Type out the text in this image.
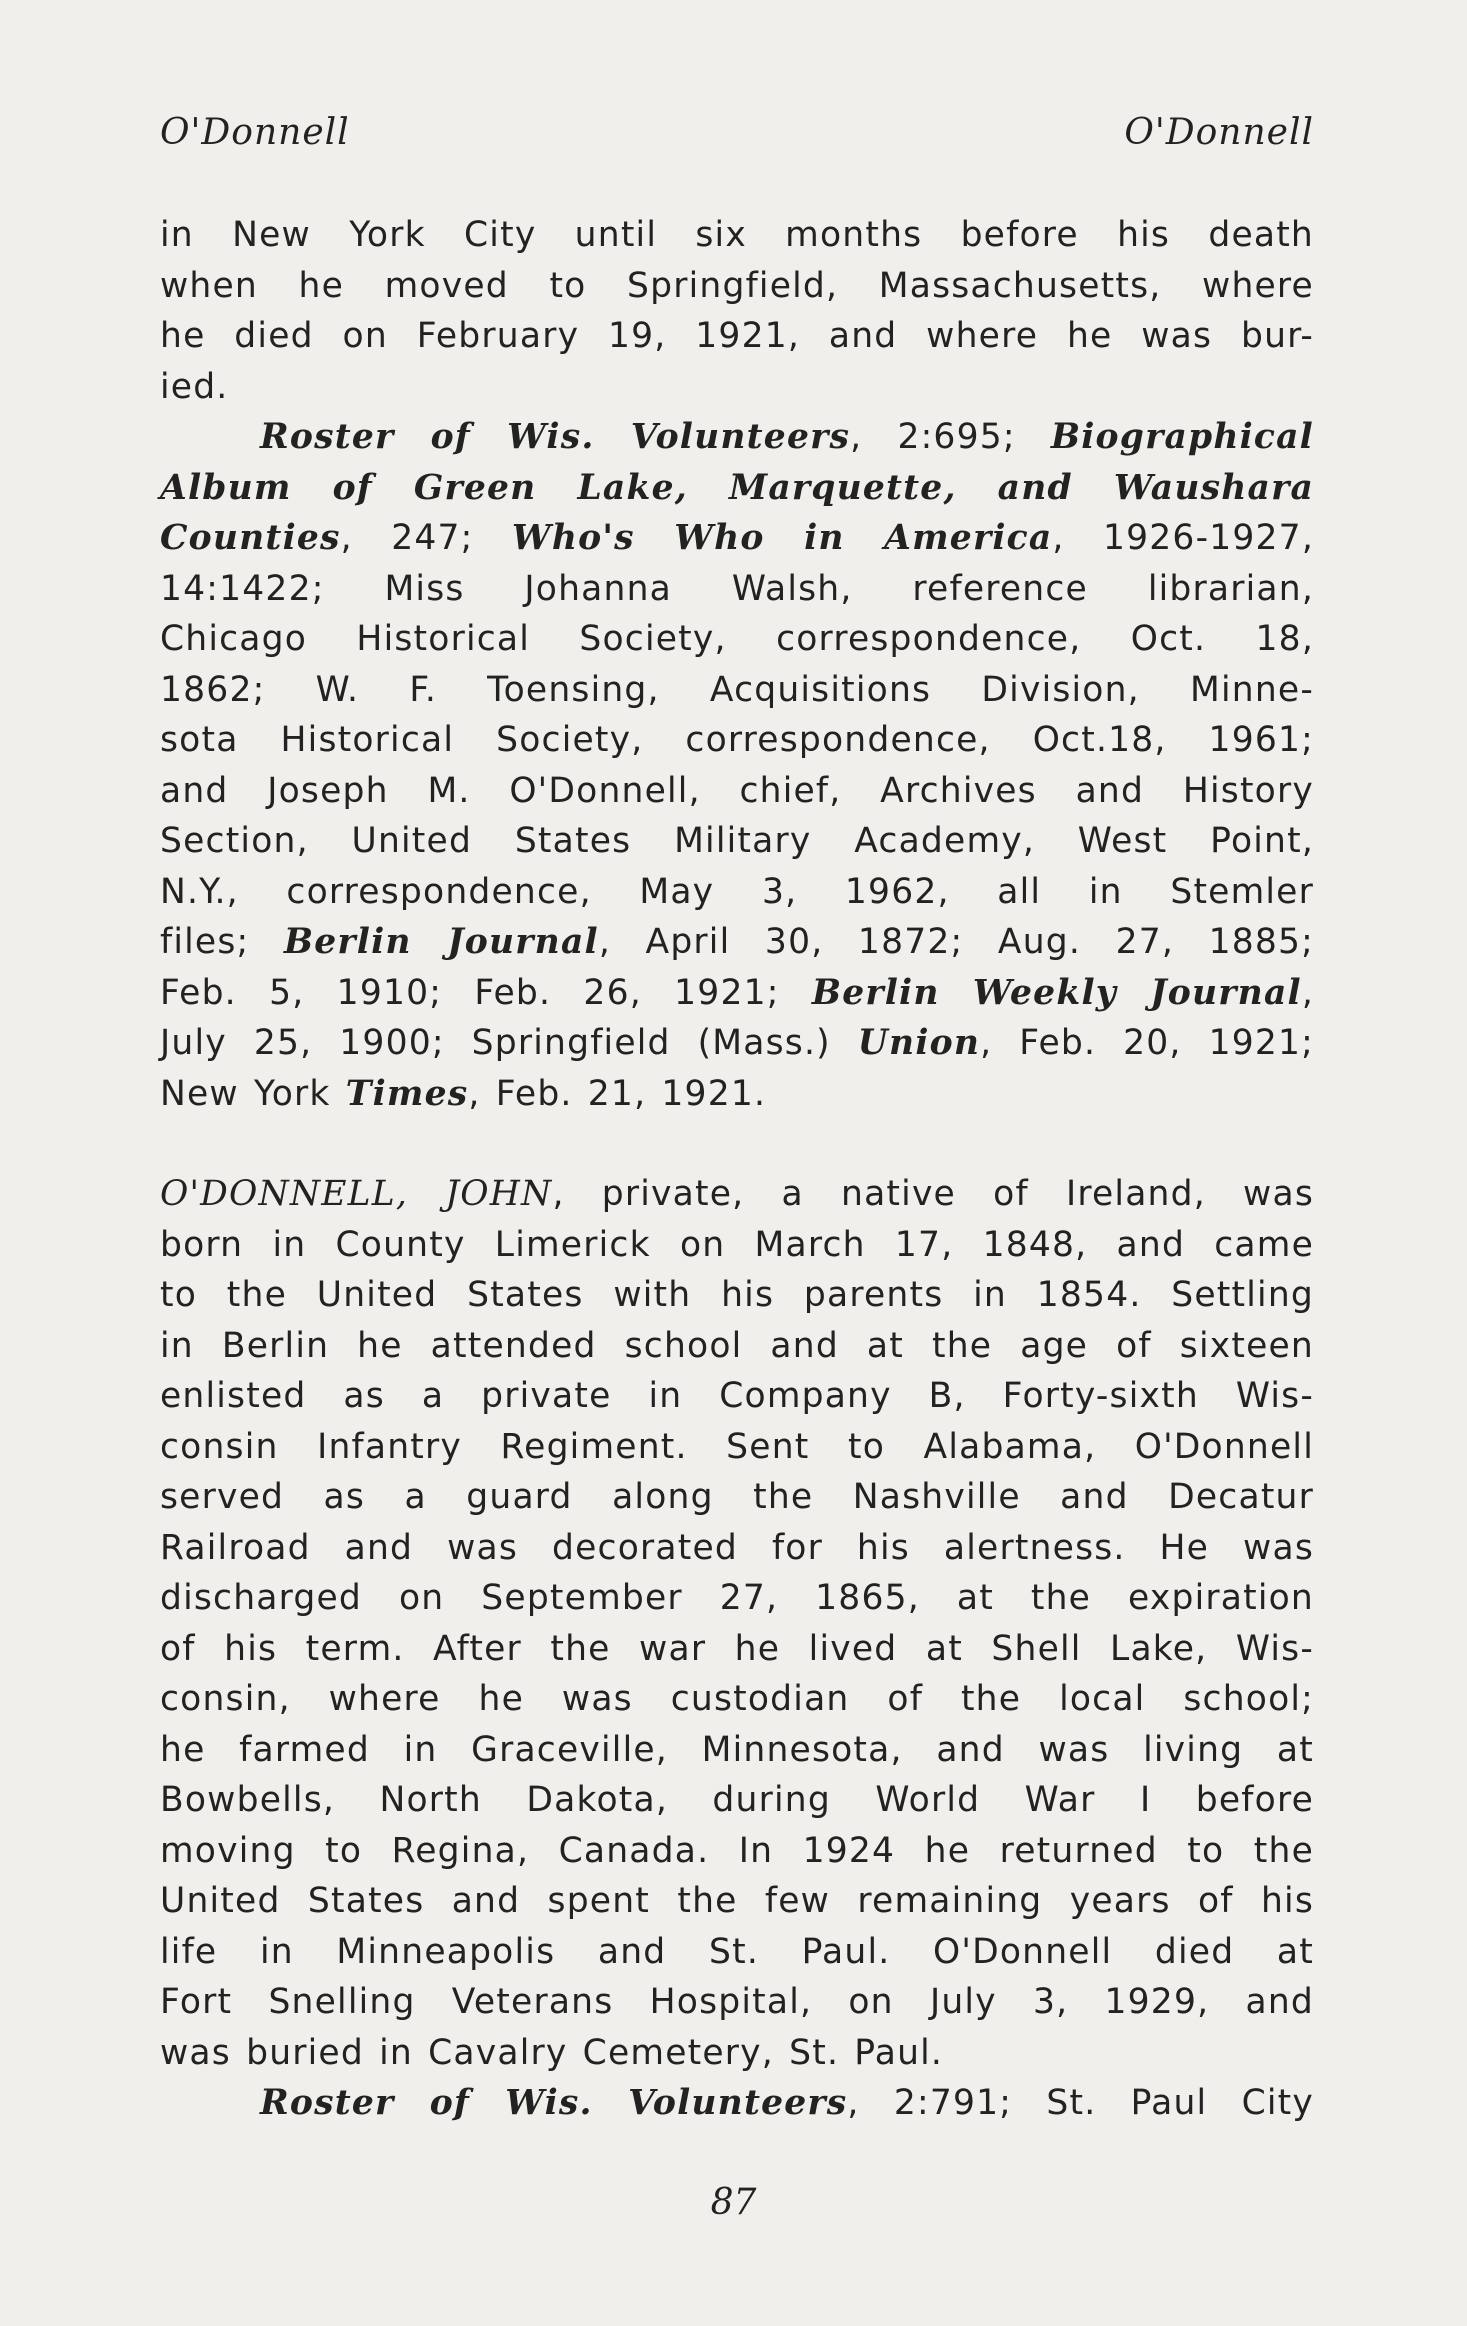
O'Donnell	O'Donnell
in New York City until six months before his death
when he moved to Springfield, Massachusetts, where
he died on February 19, 1921, and where he was bur-
ied.
Roster of Wis. Volunteers, 2:695; Biographical
Album of Green Lake, Marquette, and Waushara
Counties, 247; Who's Who in America, 1926-1927,
14:1422; Miss Johanna Walsh, reference librarian,
Chicago Historical Society, correspondence, Oct. 18,
1862; W. F. Toensing, Acquisitions Division, Minne-
sota Historical Society, correspondence, Oct.18, 1961;
and Joseph M. O'Donnell, chief, Archives and History
Section, United States Military Academy, West Point,
N.Y., correspondence, May 3, 1962, all in Stemler
files; Berlin Journal, April 30, 1872; Aug. 27, 1885;
Feb. 5, 1910; Feb. 26, 1921; Berlin Weekly Journal,
July 25, 1900; Springfield (Mass.) Union, Feb. 20, 1921;
New York Times, Feb. 21, 1921.
O'DONNELL, JOHN, private, a native of Ireland, was
born in County Limerick on March 17, 1848, and came
to the United States with his parents in 1854. Settling
in Berlin he attended school and at the age of sixteen
enlisted as a private in Company B, Forty-sixth Wis-
consin Infantry Regiment. Sent to Alabama, O'Donnell
served as a guard along the Nashville and Decatur
Railroad and was decorated for his alertness. He was
discharged on September 27, 1865, at the expiration
of his term. After the war he lived at Shell Lake, Wis-
consin, where he was custodian of the local school;
he farmed in Graceville, Minnesota, and was living at
Bowbells, North Dakota, during World War I before
moving to Regina, Canada. In 1924 he returned to the
United States and spent the few remaining years of his
life in Minneapolis and St. Paul. O'Donnell died at
Fort Snelling Veterans Hospital, on July 3, 1929, and
was buried in Cavalry Cemetery, St. Paul.
Roster of Wis. Volunteers, 2:791; St. Paul City
87
